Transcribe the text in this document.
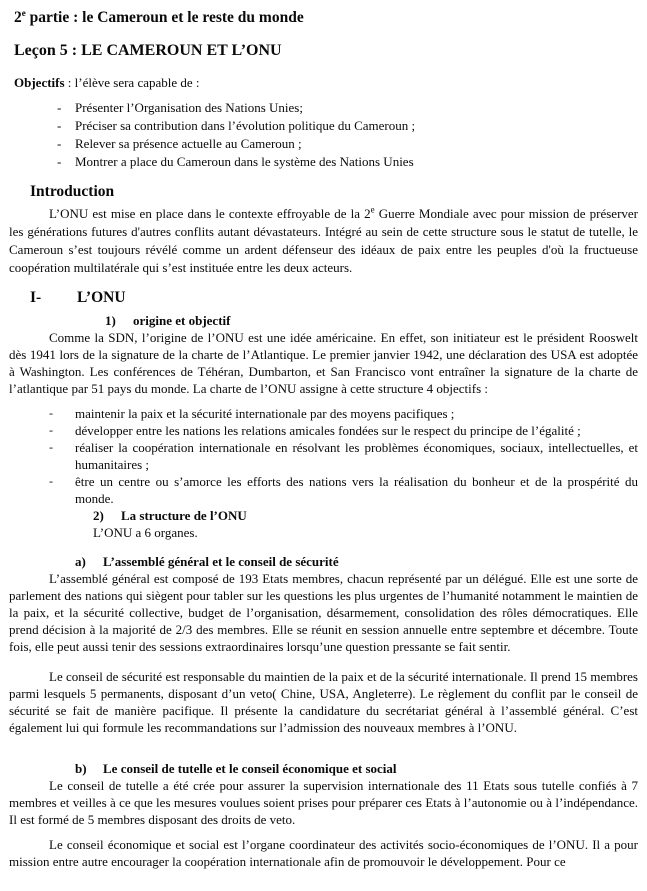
2e partie : le Cameroun et le reste du monde
Leçon 5 : LE CAMEROUN ET L’ONU
Objectifs : l’élève sera capable de :
- Présenter l’Organisation des Nations Unies;
- Préciser sa contribution dans l’évolution politique du Cameroun ;
- Relever sa présence actuelle au Cameroun ;
- Montrer a place du Cameroun dans le système des Nations Unies
Introduction

L’ONU est mise en place dans le contexte effroyable de la 2e Guerre Mondiale avec pour mission de préserver les générations futures d'autres conflits autant dévastateurs. Intégré au sein de cette structure sous le statut de tutelle, le Cameroun s’est toujours révélé comme un ardent défenseur des idéaux de paix entre les peuples d'où la fructueuse coopération multilatérale qui s’est instituée entre les deux acteurs.

I- L’ONU
1) origine et objectif

Comme la SDN, l’origine de l’ONU est une idée américaine. En effet, son initiateur est le président Rooswelt dès 1941 lors de la signature de la charte de l’Atlantique. Le premier janvier 1942, une déclaration des USA est adoptée à Washington. Les conférences de Téhéran, Dumbarton, et San Francisco vont entraîner la signature de la charte de l’atlantique par 51 pays du monde. La charte de l’ONU assigne à cette structure 4 objectifs :

- maintenir la paix et la sécurité internationale par des moyens pacifiques ;
- développer entre les nations les relations amicales fondées sur le respect du principe de l’égalité ;
- réaliser la coopération internationale en résolvant les problèmes économiques, sociaux, intellectuelles, et humanitaires ;
- être un centre ou s’amorce les efforts des nations vers la réalisation du bonheur et de la prospérité du monde.
2) La structure de l’ONU
L’ONU a 6 organes.
a) L’assemblé général et le conseil de sécurité

L’assemblé général est composé de 193 Etats membres, chacun représenté par un délégué. Elle est une sorte de parlement des nations qui siègent pour tabler sur les questions les plus urgentes de l’humanité notamment le maintien de la paix, et la sécurité collective, budget de l’organisation, désarmement, consolidation des rôles démocratiques. Elle prend décision à la majorité de 2/3 des membres. Elle se réunit en session annuelle entre septembre et décembre. Toute fois, elle peut aussi tenir des sessions extraordinaires lorsqu’une question pressante se fait sentir.

Le conseil de sécurité est responsable du maintien de la paix et de la sécurité internationale. Il prend 15 membres parmi lesquels 5 permanents, disposant d’un veto( Chine, USA, Angleterre). Le règlement du conflit par le conseil de sécurité se fait de manière pacifique. Il présente la candidature du secrétariat général à l’assemblé général. C’est également lui qui formule les recommandations sur l’admission des nouveaux membres à l’ONU.

b) Le conseil de tutelle et le conseil économique et social

Le conseil de tutelle a été crée pour assurer la supervision internationale des 11 Etats sous tutelle confiés à 7 membres et veilles à ce que les mesures voulues soient prises pour préparer ces Etats à l’autonomie ou à l’indépendance. Il est formé de 5 membres disposant des droits de veto.

Le conseil économique et social est l’organe coordinateur des activités socio-économiques de l’ONU. Il a pour mission entre autre encourager la coopération internationale afin de promouvoir le développement. Pour ce
